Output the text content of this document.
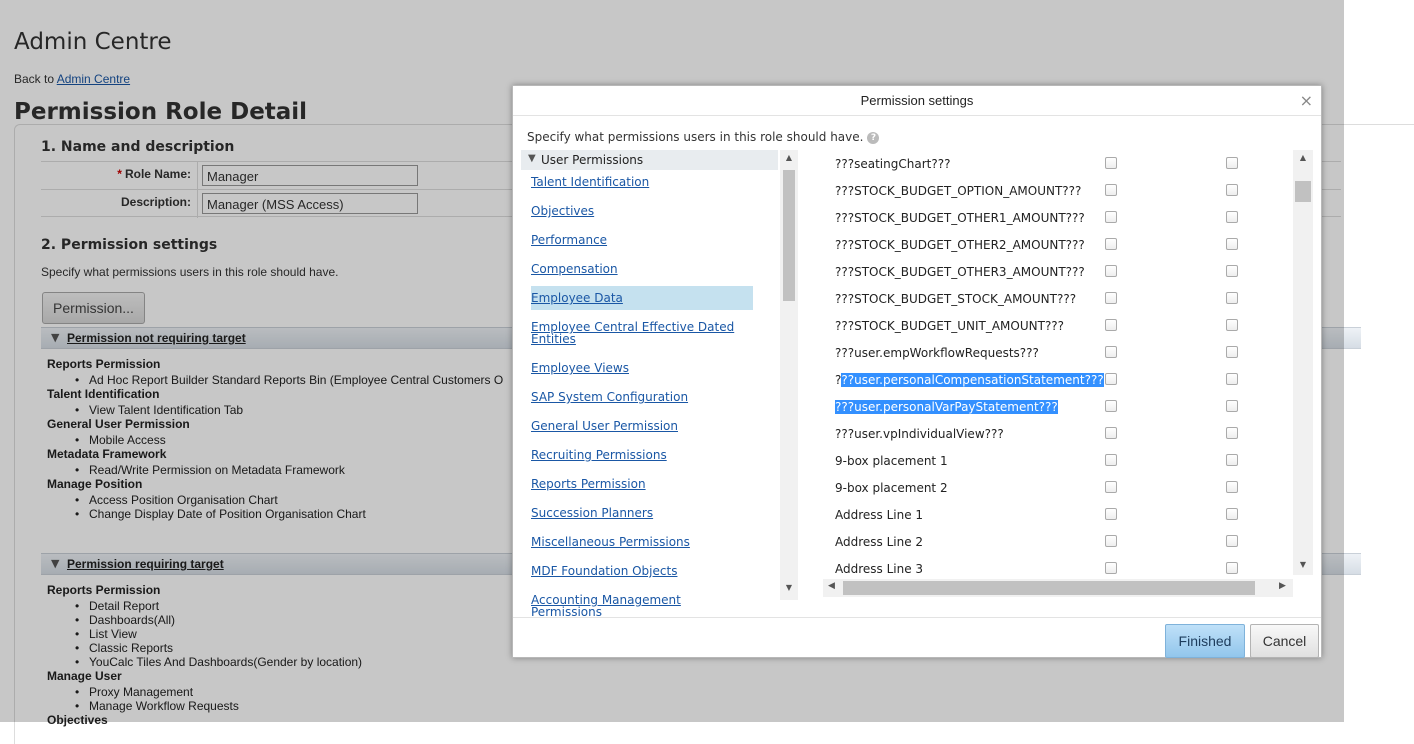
Admin Centre
Back to Admin Centre
Permission Role Detail
1. Name and description
* Role Name:	Manager
Description:	Manager (MSS Access)
2. Permission settings
Specify what permissions users in this role should have.
Permission...
▼ Permission not requiring target
Reports Permission
• Ad Hoc Report Builder Standard Reports Bin (Employee Central Customers O
Talent Identification
• View Talent Identification Tab
General User Permission
• Mobile Access
Metadata Framework
• Read/Write Permission on Metadata Framework
Manage Position
• Access Position Organisation Chart
• Change Display Date of Position Organisation Chart
▼ Permission requiring target
Reports Permission
• Detail Report
• Dashboards(All)
• List View
• Classic Reports
• YouCalc Tiles And Dashboards(Gender by location)
Manage User
• Proxy Management
• Manage Workflow Requests
Objectives
Permission settings	×
Specify what permissions users in this role should have. ?
▼ User Permissions
Talent Identification
Objectives
Performance
Compensation
Employee Data
Employee Central Effective Dated Entities
Employee Views
SAP System Configuration
General User Permission
Recruiting Permissions
Reports Permission
Succession Planners
Miscellaneous Permissions
MDF Foundation Objects
Accounting Management Permissions
▲
▼
???seatingChart???
???STOCK_BUDGET_OPTION_AMOUNT???
???STOCK_BUDGET_OTHER1_AMOUNT???
???STOCK_BUDGET_OTHER2_AMOUNT???
???STOCK_BUDGET_OTHER3_AMOUNT???
???STOCK_BUDGET_STOCK_AMOUNT???
???STOCK_BUDGET_UNIT_AMOUNT???
???user.empWorkflowRequests???
???user.personalCompensationStatement???
???user.personalVarPayStatement???
???user.vpIndividualView???
9-box placement 1
9-box placement 2
Address Line 1
Address Line 2
Address Line 3
▲
▼
◀	▶
Finished	Cancel
